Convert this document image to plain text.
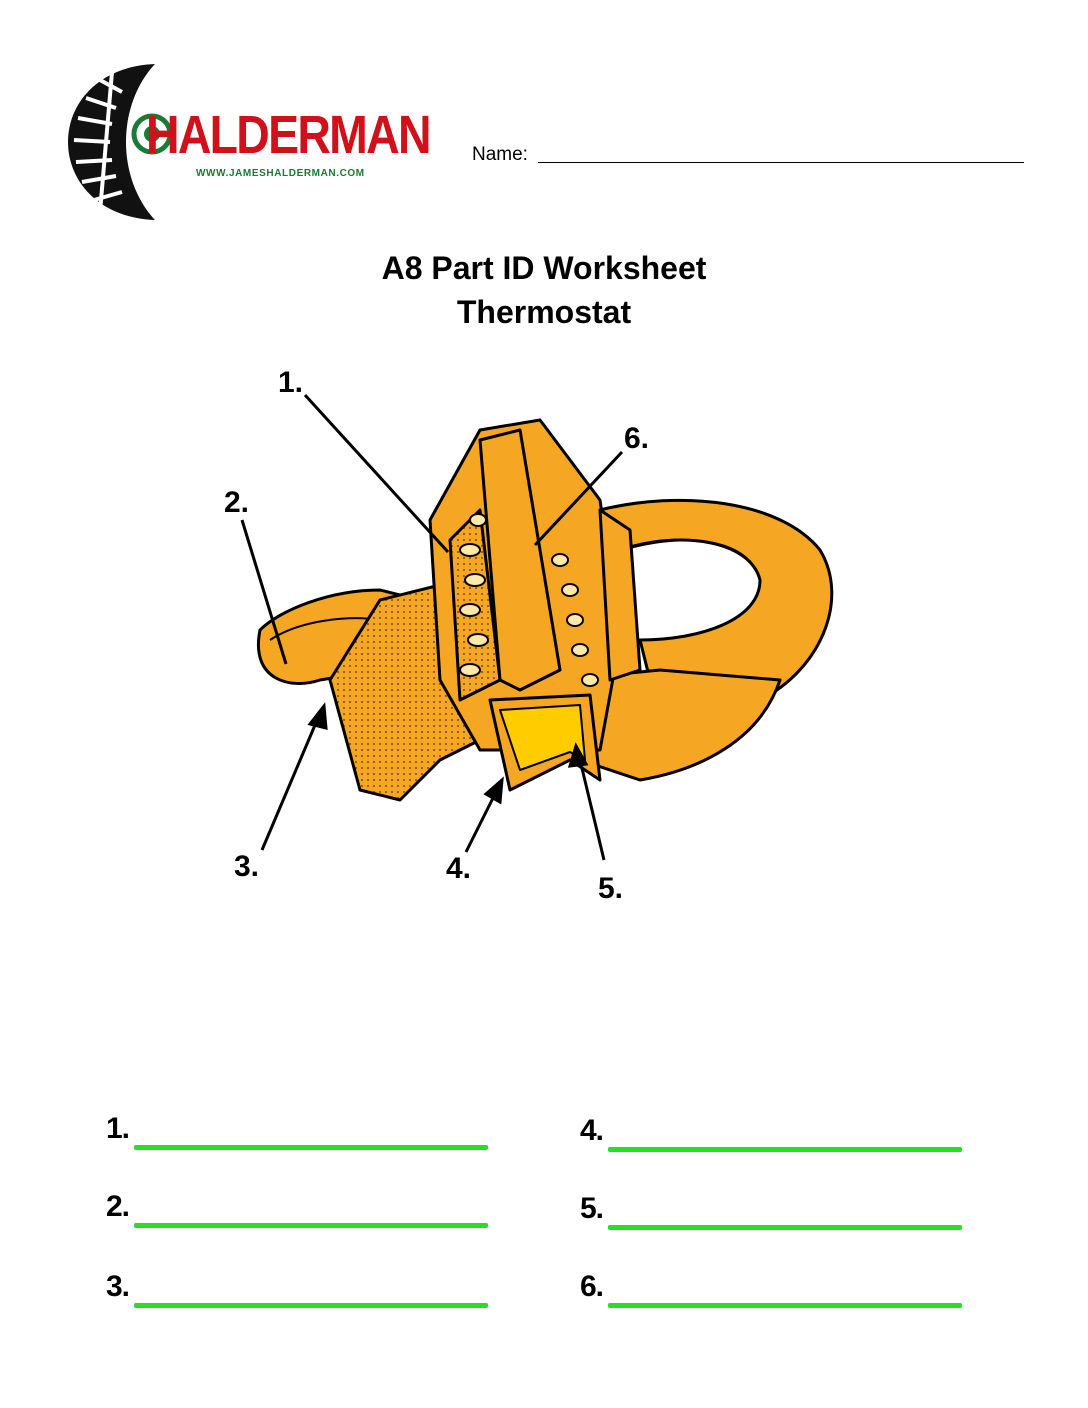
HALDERMAN
WWW.JAMESHALDERMAN.COM
Name:
A8 Part ID Worksheet
Thermostat
1.
2.
3.	4.
5.
6.
1.
2.
3.
4.
5.
6.
